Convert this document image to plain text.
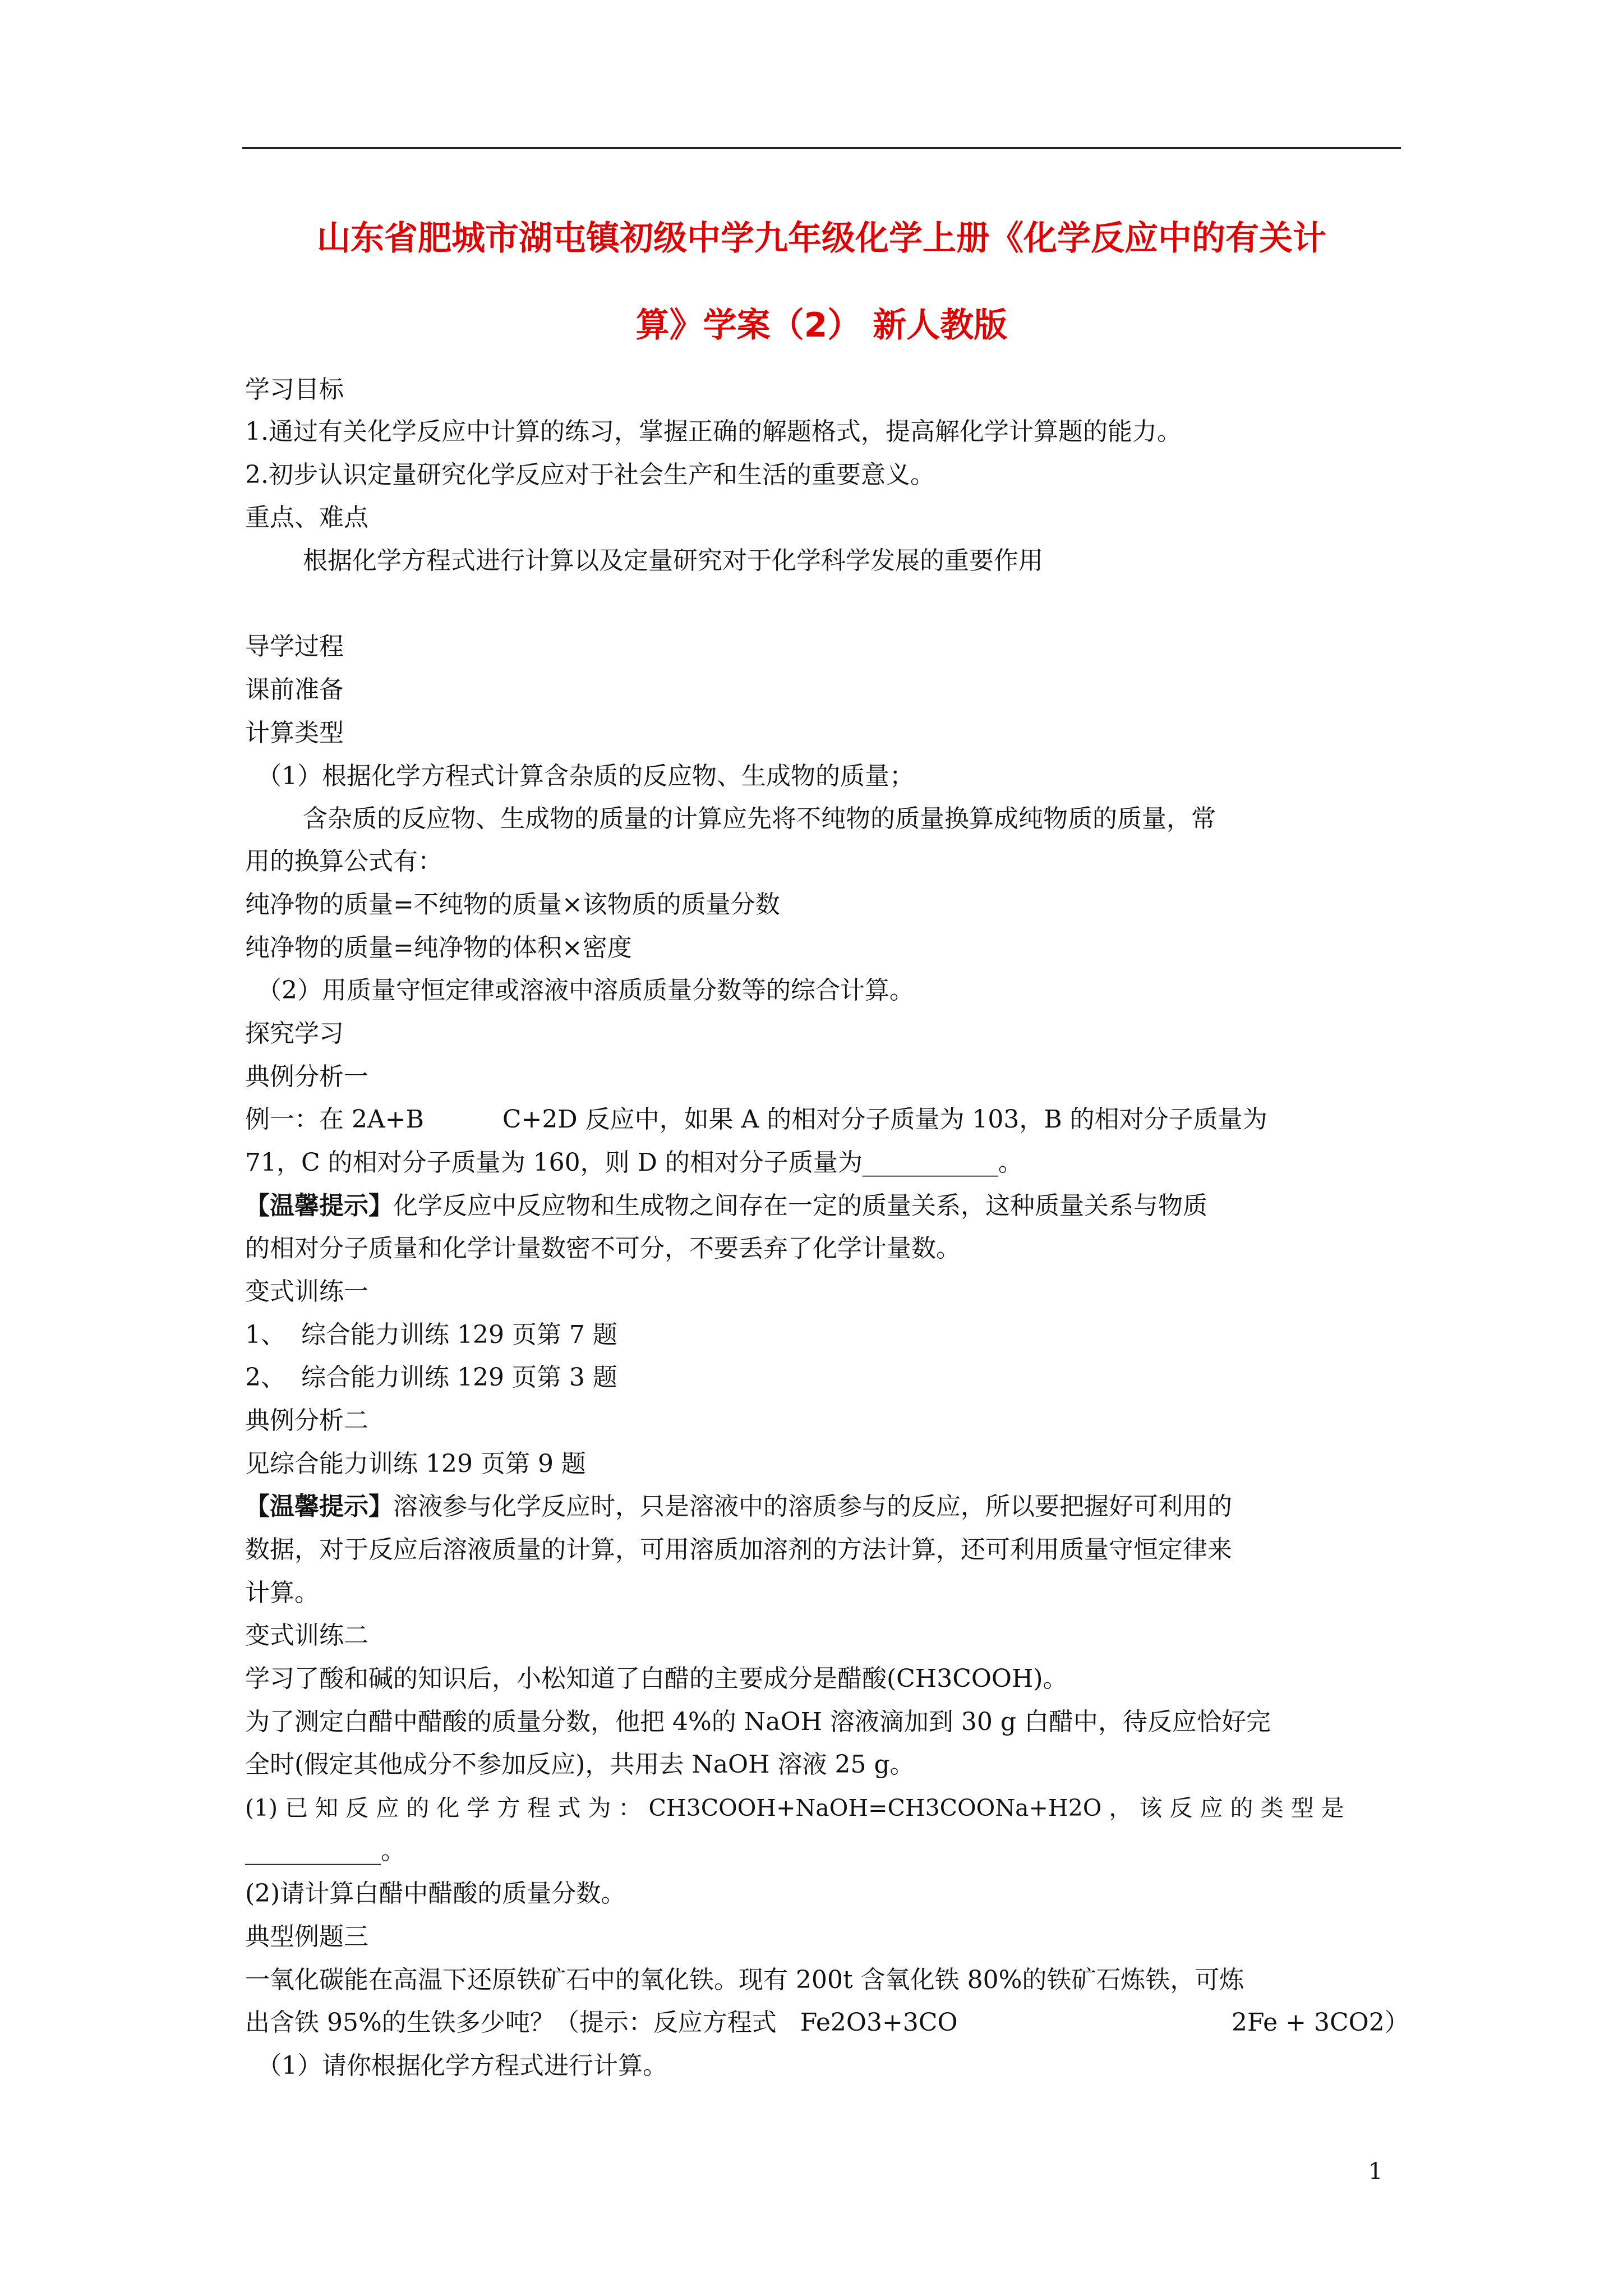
山东省肥城市湖屯镇初级中学九年级化学上册《化学反应中的有关计
算》学案（2） 新人教版
学习目标
1.通过有关化学反应中计算的练习，掌握正确的解题格式，提高解化学计算题的能力。
2.初步认识定量研究化学反应对于社会生产和生活的重要意义。
重点、难点
根据化学方程式进行计算以及定量研究对于化学科学发展的重要作用
导学过程
课前准备
计算类型
（1）根据化学方程式计算含杂质的反应物、生成物的质量；
含杂质的反应物、生成物的质量的计算应先将不纯物的质量换算成纯物质的质量，常
用的换算公式有：
纯净物的质量=不纯物的质量×该物质的质量分数
纯净物的质量=纯净物的体积×密度
（2）用质量守恒定律或溶液中溶质质量分数等的综合计算。
探究学习
典例分析一
例一：在 2A+B          C+2D 反应中，如果 A 的相对分子质量为 103，B 的相对分子质量为
71，C 的相对分子质量为 160，则 D 的相对分子质量为___________。
【温馨提示】化学反应中反应物和生成物之间存在一定的质量关系，这种质量关系与物质
的相对分子质量和化学计量数密不可分，不要丢弃了化学计量数。
变式训练一
1、  综合能力训练 129 页第 7 题
2、  综合能力训练 129 页第 3 题
典例分析二
见综合能力训练 129 页第 9 题
【温馨提示】溶液参与化学反应时，只是溶液中的溶质参与的反应，所以要把握好可利用的
数据，对于反应后溶液质量的计算，可用溶质加溶剂的方法计算，还可利用质量守恒定律来
计算。
变式训练二
学习了酸和碱的知识后，小松知道了白醋的主要成分是醋酸(CH3COOH)。
为了测定白醋中醋酸的质量分数，他把 4%的 NaOH 溶液滴加到 30 g 白醋中，待反应恰好完
全时(假定其他成分不参加反应)，共用去 NaOH 溶液 25 g。
(1) 已 知 反 应 的 化 学 方 程 式 为 ： CH3COOH+NaOH=CH3COONa+H2O ， 该 反 应 的 类 型 是
___________。
(2)请计算白醋中醋酸的质量分数。
典型例题三
一氧化碳能在高温下还原铁矿石中的氧化铁。现有 200t 含氧化铁 80%的铁矿石炼铁，可炼
出含铁 95%的生铁多少吨？（提示：反应方程式   Fe2O3+3CO	2Fe + 3CO2）
（1）请你根据化学方程式进行计算。
1
